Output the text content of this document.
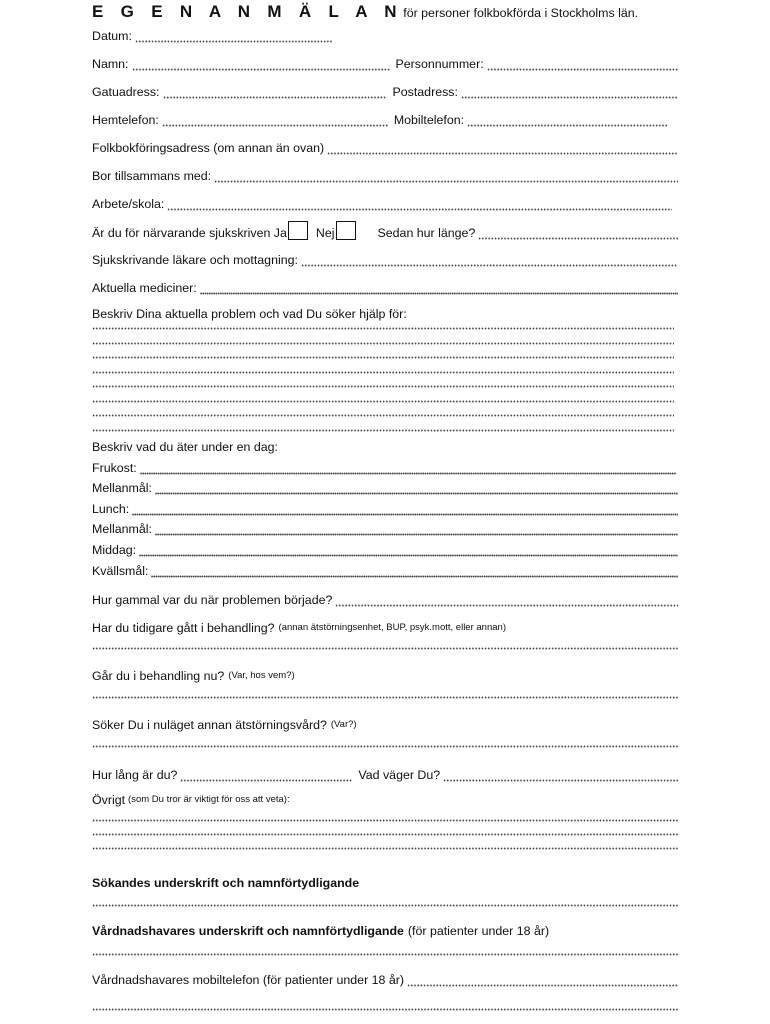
E G E N A N M Ä L A N för personer folkbokförda i Stockholms län.
Datum:
Namn:	Personnummer:
Gatuadress:	Postadress:
Hemtelefon:	Mobiltelefon:
Folkbokföringsadress (om annan än ovan)
Bor tillsammans med:
Arbete/skola:
Är du för närvarande sjukskriven Ja Nej	Sedan hur länge?
Sjukskrivande läkare och mottagning:
Aktuella mediciner:
Beskriv Dina aktuella problem och vad Du söker hjälp för:
Beskriv vad du äter under en dag:
Frukost:
Mellanmål:
Lunch:
Mellanmål:
Middag:
Kvällsmål:
Hur gammal var du när problemen började?
Har du tidigare gått i behandling? (annan ätstörningsenhet, BUP, psyk.mott, eller annan)
Går du i behandling nu? (Var, hos vem?)
Söker Du i nuläget annan ätstörningsvård? (Var?)
Hur lång är du?	Vad väger Du?
Övrigt (som Du tror är viktigt för oss att veta):
Sökandes underskrift och namnförtydligande
Vårdnadshavares underskrift och namnförtydligande (för patienter under 18 år)
Vårdnadshavares mobiltelefon (för patienter under 18 år)
